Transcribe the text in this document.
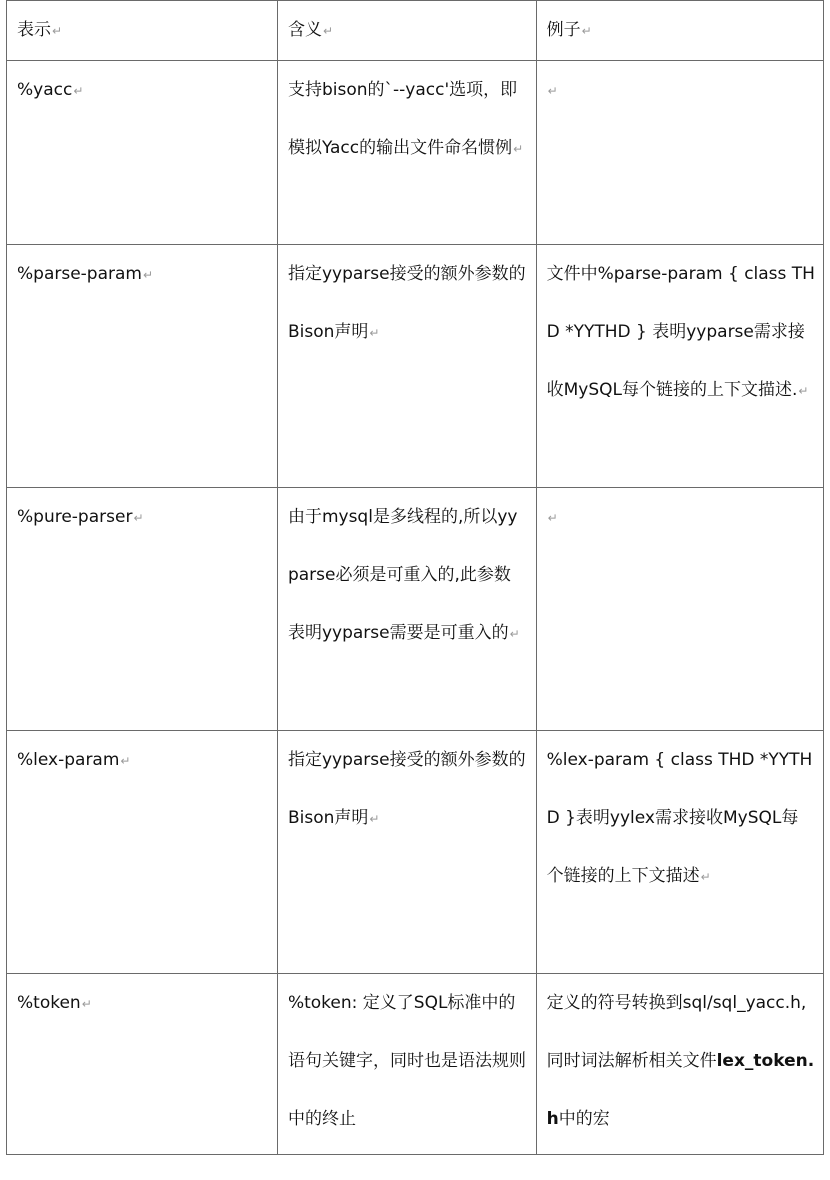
表示↵	含义↵	例子↵
%yacc↵	支持bison的`--yacc'选项，即模拟Yacc的输出文件命名惯例↵	↵
%parse-param↵	指定yyparse接受的额外参数的Bison声明↵	文件中%parse-param { class THD *YYTHD } 表明yyparse需求接收MySQL每个链接的上下文描述.↵
%pure-parser↵	由于mysql是多线程的,所以yyparse必须是可重入的,此参数表明yyparse需要是可重入的↵	↵
%lex-param↵	指定yyparse接受的额外参数的Bison声明↵	%lex-param { class THD *YYTHD }表明yylex需求接收MySQL每个链接的上下文描述↵
%token↵	%token: 定义了SQL标准中的语句关键字，同时也是语法规则中的终止	定义的符号转换到sql/sql_yacc.h,同时词法解析相关文件lex_token.h中的宏
